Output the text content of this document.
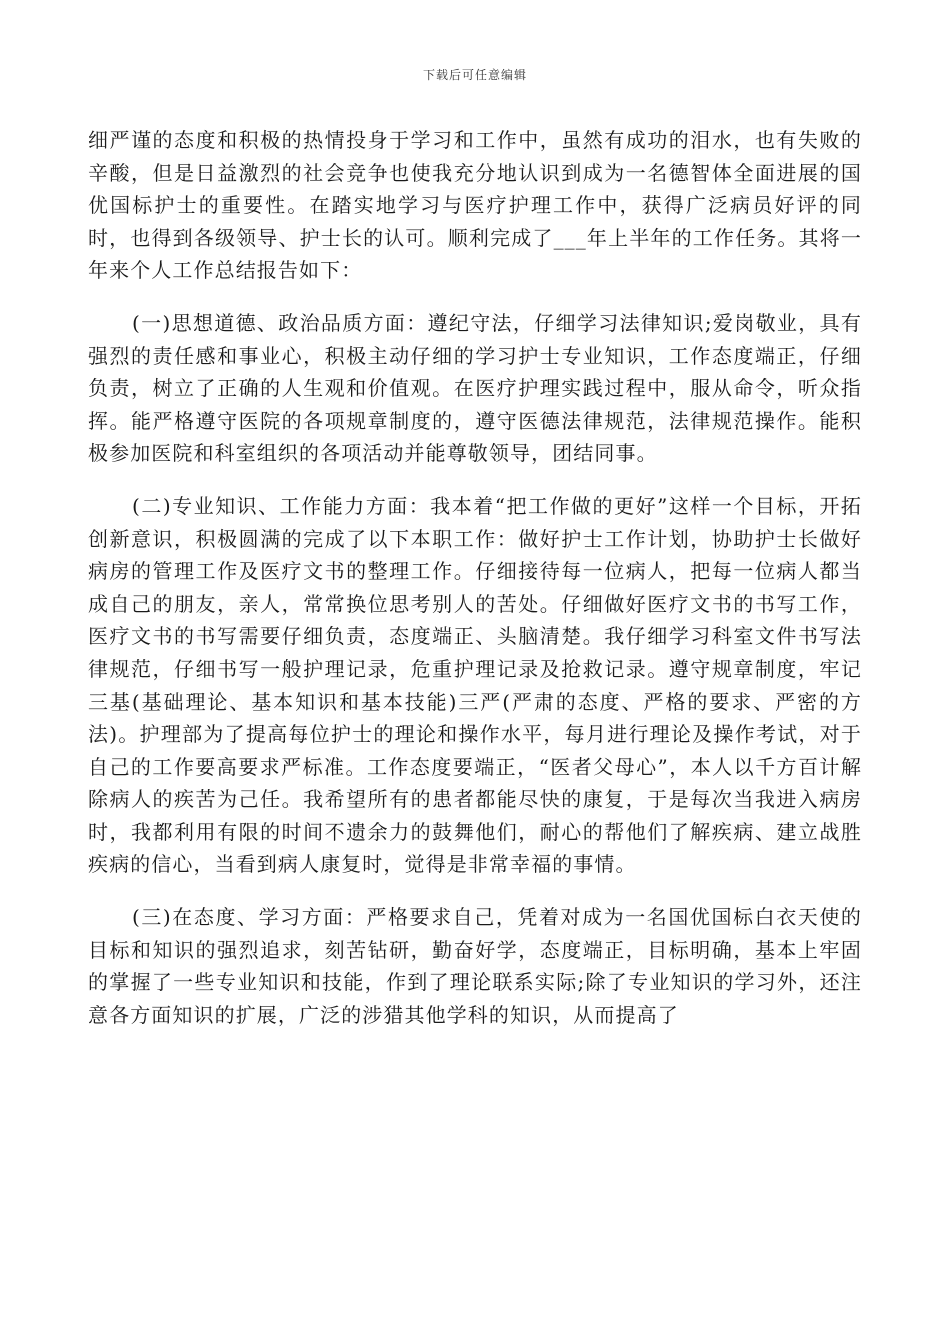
下载后可任意编辑

细严谨的态度和积极的热情投身于学习和工作中，虽然有成功的泪水，也有失败的辛酸，但是日益激烈的社会竞争也使我充分地认识到成为一名德智体全面进展的国优国标护士的重要性。在踏实地学习与医疗护理工作中，获得广泛病员好评的同时，也得到各级领导、护士长的认可。顺利完成了___年上半年的工作任务。其将一年来个人工作总结报告如下：

(一)思想道德、政治品质方面：遵纪守法，仔细学习法律知识;爱岗敬业，具有强烈的责任感和事业心，积极主动仔细的学习护士专业知识，工作态度端正，仔细负责，树立了正确的人生观和价值观。在医疗护理实践过程中，服从命令，听众指挥。能严格遵守医院的各项规章制度的，遵守医德法律规范，法律规范操作。能积极参加医院和科室组织的各项活动并能尊敬领导，团结同事。

(二)专业知识、工作能力方面：我本着“把工作做的更好”这样一个目标，开拓创新意识，积极圆满的完成了以下本职工作：做好护士工作计划，协助护士长做好病房的管理工作及医疗文书的整理工作。仔细接待每一位病人，把每一位病人都当成自己的朋友，亲人，常常换位思考别人的苦处。仔细做好医疗文书的书写工作，医疗文书的书写需要仔细负责，态度端正、头脑清楚。我仔细学习科室文件书写法律规范，仔细书写一般护理记录，危重护理记录及抢救记录。遵守规章制度，牢记三基(基础理论、基本知识和基本技能)三严(严肃的态度、严格的要求、严密的方法)。护理部为了提高每位护士的理论和操作水平，每月进行理论及操作考试，对于自己的工作要高要求严标准。工作态度要端正，“医者父母心”，本人以千方百计解除病人的疾苦为己任。我希望所有的患者都能尽快的康复，于是每次当我进入病房时，我都利用有限的时间不遗余力的鼓舞他们，耐心的帮他们了解疾病、建立战胜疾病的信心，当看到病人康复时，觉得是非常幸福的事情。

(三)在态度、学习方面：严格要求自己，凭着对成为一名国优国标白衣天使的目标和知识的强烈追求，刻苦钻研，勤奋好学，态度端正，目标明确，基本上牢固的掌握了一些专业知识和技能，作到了理论联系实际;除了专业知识的学习外，还注意各方面知识的扩展，广泛的涉猎其他学科的知识，从而提高了
